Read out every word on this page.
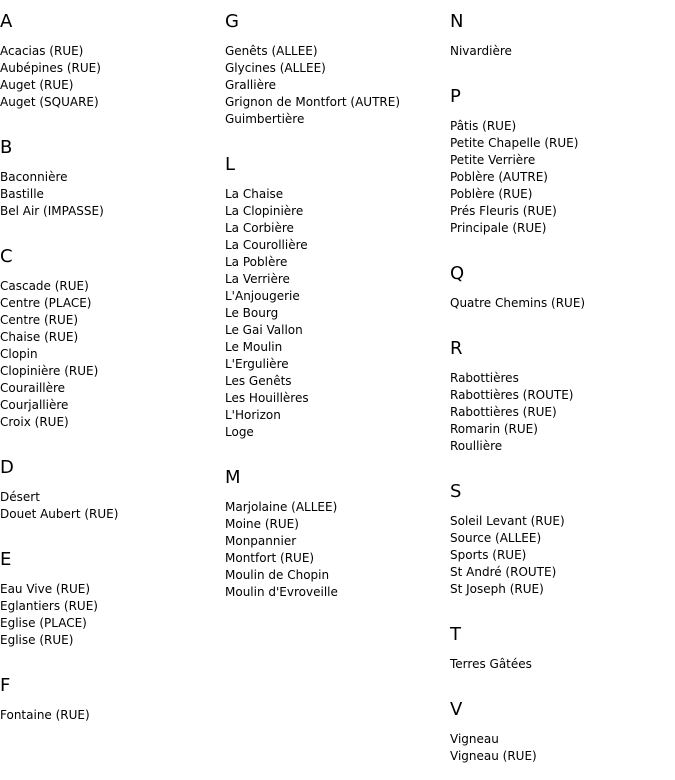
A
Acacias (RUE)
Aubépines (RUE)
Auget (RUE)
Auget (SQUARE)
B
Baconnière
Bastille
Bel Air (IMPASSE)
C
Cascade (RUE)
Centre (PLACE)
Centre (RUE)
Chaise (RUE)
Clopin
Clopinière (RUE)
Couraillère
Courjallière
Croix (RUE)
D
Désert
Douet Aubert (RUE)
E
Eau Vive (RUE)
Eglantiers (RUE)
Eglise (PLACE)
Eglise (RUE)
F
Fontaine (RUE)
G
Genêts (ALLEE)
Glycines (ALLEE)
Grallière
Grignon de Montfort (AUTRE)
Guimbertière
L
La Chaise
La Clopinière
La Corbière
La Courollière
La Poblère
La Verrière
L'Anjougerie
Le Bourg
Le Gai Vallon
Le Moulin
L'Ergulière
Les Genêts
Les Houillères
L'Horizon
Loge
M
Marjolaine (ALLEE)
Moine (RUE)
Monpannier
Montfort (RUE)
Moulin de Chopin
Moulin d'Evroveille
N
Nivardière
P
Pâtis (RUE)
Petite Chapelle (RUE)
Petite Verrière
Poblère (AUTRE)
Poblère (RUE)
Prés Fleuris (RUE)
Principale (RUE)
Q
Quatre Chemins (RUE)
R
Rabottières
Rabottières (ROUTE)
Rabottières (RUE)
Romarin (RUE)
Roullière
S
Soleil Levant (RUE)
Source (ALLEE)
Sports (RUE)
St André (ROUTE)
St Joseph (RUE)
T
Terres Gâtées
V
Vigneau
Vigneau (RUE)
